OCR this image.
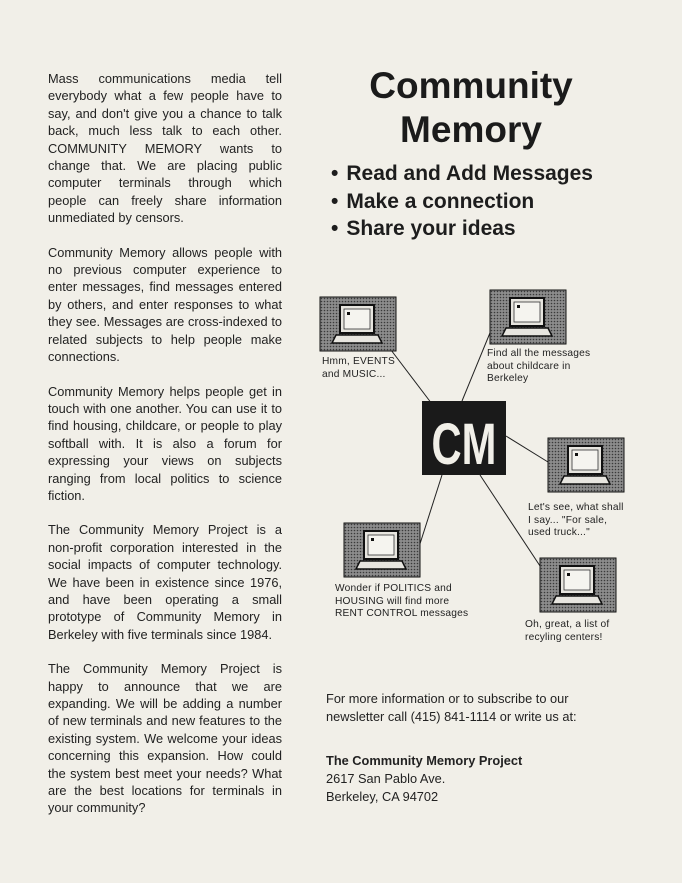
Mass communications media tell everybody what a few people have to say, and don't give you a chance to talk back, much less talk to each other. COMMUNITY MEMORY wants to change that. We are placing public computer terminals through which people can freely share information unmediated by censors.

Community Memory allows people with no previous computer experience to enter messages, find messages entered by others, and enter responses to what they see. Messages are cross-indexed to related subjects to help people make connections.

Community Memory helps people get in touch with one another. You can use it to find housing, childcare, or people to play softball with. It is also a forum for expressing your views on subjects ranging from local politics to science fiction.

The Community Memory Project is a non-profit corporation interested in the social impacts of computer technology. We have been in existence since 1976, and have been operating a small prototype of Community Memory in Berkeley with five terminals since 1984.

The Community Memory Project is happy to announce that we are expanding. We will be adding a number of new terminals and new features to the existing system. We welcome your ideas concerning this expansion. How could the system best meet your needs? What are the best locations for terminals in your community?

Community
Memory
• Read and Add Messages
• Make a connection
• Share your ideas
CM
Hmm, EVENTS
and MUSIC...
Find all the messages
about childcare in
Berkeley
Let's see, what shall
I say... "For sale,
used truck..."
Wonder if POLITICS and
HOUSING will find more
RENT CONTROL messages
Oh, great, a list of
recyling centers!

For more information or to subscribe to our newsletter call (415) 841-1114 or write us at:

The Community Memory Project

2617 San Pablo Ave.

Berkeley, CA 94702
